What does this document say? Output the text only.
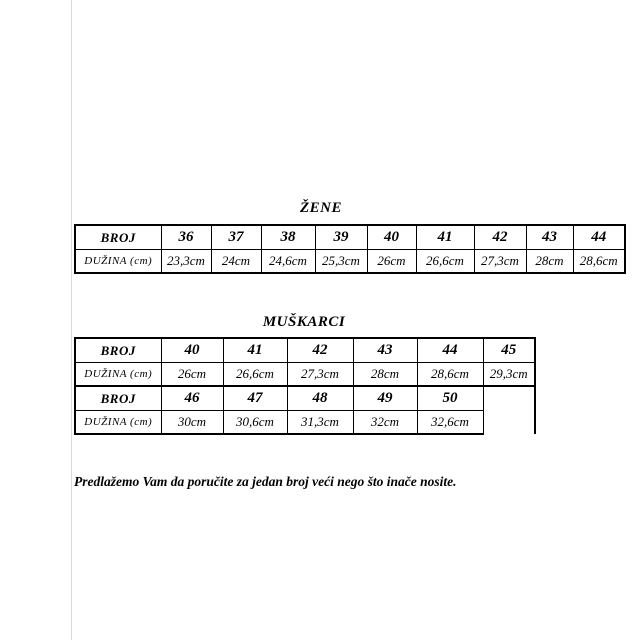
ŽENE
BROJ	36	37	38	39	40	41	42	43	44
DUŽINA (cm)	23,3cm	24cm	24,6cm	25,3cm	26cm	26,6cm	27,3cm	28cm	28,6cm
MUŠKARCI
BROJ	40	41	42	43	44	45
DUŽINA (cm)	26cm	26,6cm	27,3cm	28cm	28,6cm	29,3cm
BROJ	46	47	48	49	50	
DUŽINA (cm)	30cm	30,6cm	31,3cm	32cm	32,6cm	
Predlažemo Vam da poručite za jedan broj veći nego što inače nosite.
